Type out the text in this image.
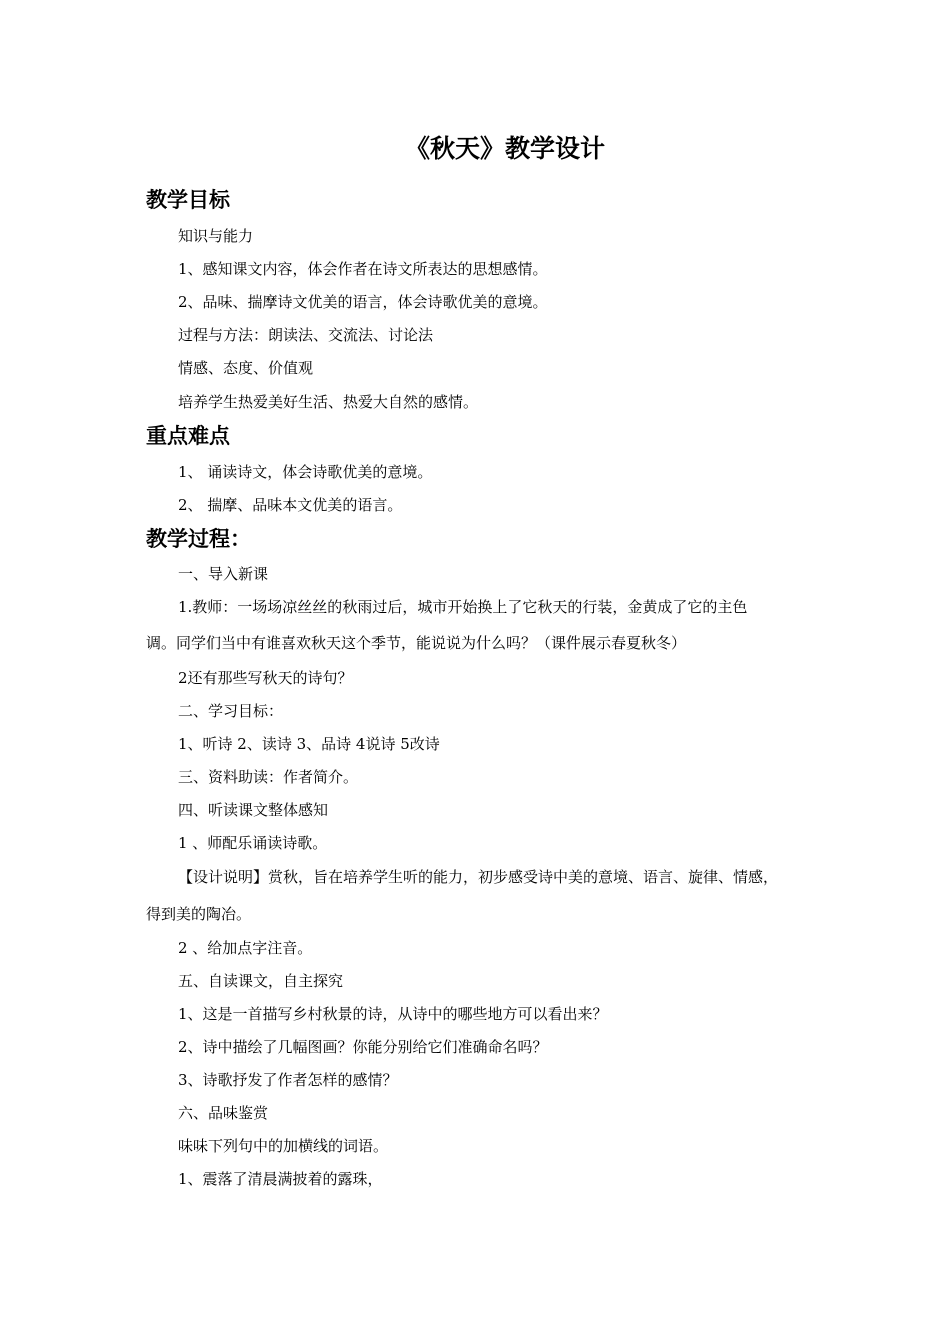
《秋天》教学设计
教学目标
知识与能力
1、感知课文内容，体会作者在诗文所表达的思想感情。
2、品味、揣摩诗文优美的语言，体会诗歌优美的意境。
过程与方法：朗读法、交流法、讨论法
情感、态度、价值观
培养学生热爱美好生活、热爱大自然的感情。
重点难点
1、 诵读诗文，体会诗歌优美的意境。
2、 揣摩、品味本文优美的语言。
教学过程：
一、导入新课
1.教师：一场场凉丝丝的秋雨过后，城市开始换上了它秋天的行装，金黄成了它的主色
调。同学们当中有谁喜欢秋天这个季节，能说说为什么吗？（课件展示春夏秋冬）
2还有那些写秋天的诗句？
二、学习目标：
1、听诗 2、读诗 3、品诗 4说诗 5改诗
三、资料助读：作者简介。
四、听读课文整体感知
1 、师配乐诵读诗歌。
【设计说明】赏秋，旨在培养学生听的能力，初步感受诗中美的意境、语言、旋律、情感，
得到美的陶冶。
2 、给加点字注音。
五、自读课文，自主探究
1、这是一首描写乡村秋景的诗，从诗中的哪些地方可以看出来？
2、诗中描绘了几幅图画？你能分别给它们准确命名吗？
3、诗歌抒发了作者怎样的感情？
六、品味鉴赏
味味下列句中的加横线的词语。
1、震落了清晨满披着的露珠，
